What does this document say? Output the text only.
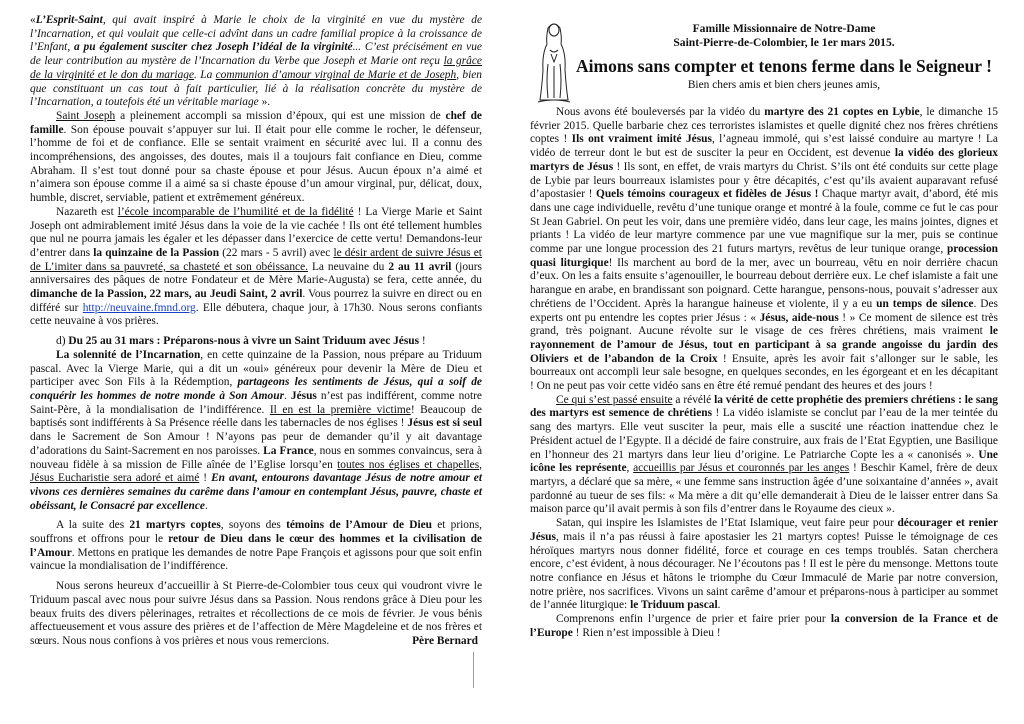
«L’Esprit-Saint, qui avait inspiré à Marie le choix de la virginité en vue du mystère de l’Incarnation, et qui voulait que celle-ci advînt dans un cadre familial propice à la croissance de l’Enfant, a pu également susciter chez Joseph l’idéal de la virginité... C’est précisément en vue de leur contribution au mystère de l’Incarnation du Verbe que Joseph et Marie ont reçu la grâce de la virginité et le don du mariage. La communion d’amour virginal de Marie et de Joseph, bien que constituant un cas tout à fait particulier, lié à la réalisation concrète du mystère de l’Incarnation, a toutefois été un véritable mariage ».

Saint Joseph a pleinement accompli sa mission d’époux, qui est une mission de chef de famille. Son épouse pouvait s’appuyer sur lui. Il était pour elle comme le rocher, le défenseur, l’homme de foi et de confiance. Elle se sentait vraiment en sécurité avec lui. Il a connu des incompréhensions, des angoisses, des doutes, mais il a toujours fait confiance en Dieu, comme Abraham. Il s’est tout donné pour sa chaste épouse et pour Jésus. Aucun époux n’a aimé et n’aimera son épouse comme il a aimé sa si chaste épouse d’un amour virginal, pur, délicat, doux, humble, discret, serviable, patient et extrêmement généreux.

Nazareth est l’école incomparable de l’humilité et de la fidélité ! La Vierge Marie et Saint Joseph ont admirablement imité Jésus dans la voie de la vie cachée ! Ils ont été tellement humbles que nul ne pourra jamais les égaler et les dépasser dans l’exercice de cette vertu! Demandons-leur d’entrer dans la quinzaine de la Passion (22 mars - 5 avril) avec le désir ardent de suivre Jésus et de L’imiter dans sa pauvreté, sa chasteté et son obéissance. La neuvaine du 2 au 11 avril (jours anniversaires des pâques de notre Fondateur et de Mère Marie-Augusta) se fera, cette année, du dimanche de la Passion, 22 mars, au Jeudi Saint, 2 avril. Vous pourrez la suivre en direct ou en différé sur http://neuvaine.fmnd.org. Elle débutera, chaque jour, à 17h30. Nous serons confiants cette neuvaine à vos prières.

d) Du 25 au 31 mars : Préparons-nous à vivre un Saint Triduum avec Jésus !

La solennité de l’Incarnation, en cette quinzaine de la Passion, nous prépare au Triduum pascal. Avec la Vierge Marie, qui a dit un «oui» généreux pour devenir la Mère de Dieu et participer avec Son Fils à la Rédemption, partageons les sentiments de Jésus, qui a soif de conquérir les hommes de notre monde à Son Amour. Jésus n’est pas indifférent, comme notre Saint-Père, à la mondialisation de l’indifférence. Il en est la première victime! Beaucoup de baptisés sont indifférents à Sa Présence réelle dans les tabernacles de nos églises ! Jésus est si seul dans le Sacrement de Son Amour ! N’ayons pas peur de demander qu’il y ait davantage d’adorations du Saint-Sacrement en nos paroisses. La France, nous en sommes convaincus, sera à nouveau fidèle à sa mission de Fille aînée de l’Eglise lorsqu’en toutes nos églises et chapelles, Jésus Eucharistie sera adoré et aimé ! En avant, entourons davantage Jésus de notre amour et vivons ces dernières semaines du carême dans l’amour en contemplant Jésus, pauvre, chaste et obéissant, le Consacré par excellence.

A la suite des 21 martyrs coptes, soyons des témoins de l’Amour de Dieu et prions, souffrons et offrons pour le retour de Dieu dans le cœur des hommes et la civilisation de l’Amour. Mettons en pratique les demandes de notre Pape François et agissons pour que soit enfin vaincue la mondialisation de l’indifférence.

Nous serons heureux d’accueillir à St Pierre-de-Colombier tous ceux qui voudront vivre le Triduum pascal avec nous pour suivre Jésus dans sa Passion. Nous rendons grâce à Dieu pour les beaux fruits des divers pèlerinages, retraites et récollections de ce mois de février. Je vous bénis affectueusement et vous assure des prières et de l’affection de Mère Magdeleine et de nos frères et sœurs. Nous nous confions à vos prières et nous vous remercions.	Père Bernard

Famille Missionnaire de Notre-Dame
Saint-Pierre-de-Colombier, le 1er mars 2015.
Aimons sans compter et tenons ferme dans le Seigneur !
Bien chers amis et bien chers jeunes amis,

Nous avons été bouleversés par la vidéo du martyre des 21 coptes en Lybie, le dimanche 15 février 2015. Quelle barbarie chez ces terroristes islamistes et quelle dignité chez nos frères chrétiens coptes ! Ils ont vraiment imité Jésus, l’agneau immolé, qui s’est laissé conduire au martyre ! La vidéo de terreur dont le but est de susciter la peur en Occident, est devenue la vidéo des glorieux martyrs de Jésus ! Ils sont, en effet, de vrais martyrs du Christ. S’ils ont été conduits sur cette plage de Lybie par leurs bourreaux islamistes pour y être décapités, c’est qu’ils avaient auparavant refusé d’apostasier ! Quels témoins courageux et fidèles de Jésus ! Chaque martyr avait, d’abord, été mis dans une cage individuelle, revêtu d’une tunique orange et montré à la foule, comme ce fut le cas pour St Jean Gabriel. On peut les voir, dans une première vidéo, dans leur cage, les mains jointes, dignes et priants ! La vidéo de leur martyre commence par une vue magnifique sur la mer, puis se continue comme par une longue procession des 21 futurs martyrs, revêtus de leur tunique orange, procession quasi liturgique! Ils marchent au bord de la mer, avec un bourreau, vêtu en noir derrière chacun d’eux. On les a faits ensuite s’agenouiller, le bourreau debout derrière eux. Le chef islamiste a fait une harangue en arabe, en brandissant son poignard. Cette harangue, pensons-nous, pouvait s’adresser aux chrétiens de l’Occident. Après la harangue haineuse et violente, il y a eu un temps de silence. Des experts ont pu entendre les coptes prier Jésus : « Jésus, aide-nous ! » Ce moment de silence est très grand, très poignant. Aucune révolte sur le visage de ces frères chrétiens, mais vraiment le rayonnement de l’amour de Jésus, tout en participant à sa grande angoisse du jardin des Oliviers et de l’abandon de la Croix ! Ensuite, après les avoir fait s’allonger sur le sable, les bourreaux ont accompli leur sale besogne, en quelques secondes, en les égorgeant et en les décapitant ! On ne peut pas voir cette vidéo sans en être été remué pendant des heures et des jours !

Ce qui s’est passé ensuite a révélé la vérité de cette prophétie des premiers chrétiens : le sang des martyrs est semence de chrétiens ! La vidéo islamiste se conclut par l’eau de la mer teintée du sang des martyrs. Elle veut susciter la peur, mais elle a suscité une réaction inattendue chez le Président actuel de l’Egypte. Il a décidé de faire construire, aux frais de l’Etat Egyptien, une Basilique en l’honneur des 21 martyrs dans leur lieu d’origine. Le Patriarche Copte les a « canonisés ». Une icône les représente, accueillis par Jésus et couronnés par les anges ! Beschir Kamel, frère de deux martyrs, a déclaré que sa mère, « une femme sans instruction âgée d’une soixantaine d’années », avait pardonné au tueur de ses fils: « Ma mère a dit qu’elle demanderait à Dieu de le laisser entrer dans Sa maison parce qu’il avait permis à son fils d’entrer dans le Royaume des cieux ».

Satan, qui inspire les Islamistes de l’Etat Islamique, veut faire peur pour décourager et renier Jésus, mais il n’a pas réussi à faire apostasier les 21 martyrs coptes! Puisse le témoignage de ces héroïques martyrs nous donner fidélité, force et courage en ces temps troublés. Satan cherchera encore, c’est évident, à nous décourager. Ne l’écoutons pas ! Il est le père du mensonge. Mettons toute notre confiance en Jésus et hâtons le triomphe du Cœur Immaculé de Marie par notre conversion, notre prière, nos sacrifices. Vivons un saint carême d’amour et préparons-nous à participer au sommet de l’année liturgique: le Triduum pascal.

Comprenons enfin l’urgence de prier et faire prier pour la conversion de la France et de l’Europe ! Rien n’est impossible à Dieu !
